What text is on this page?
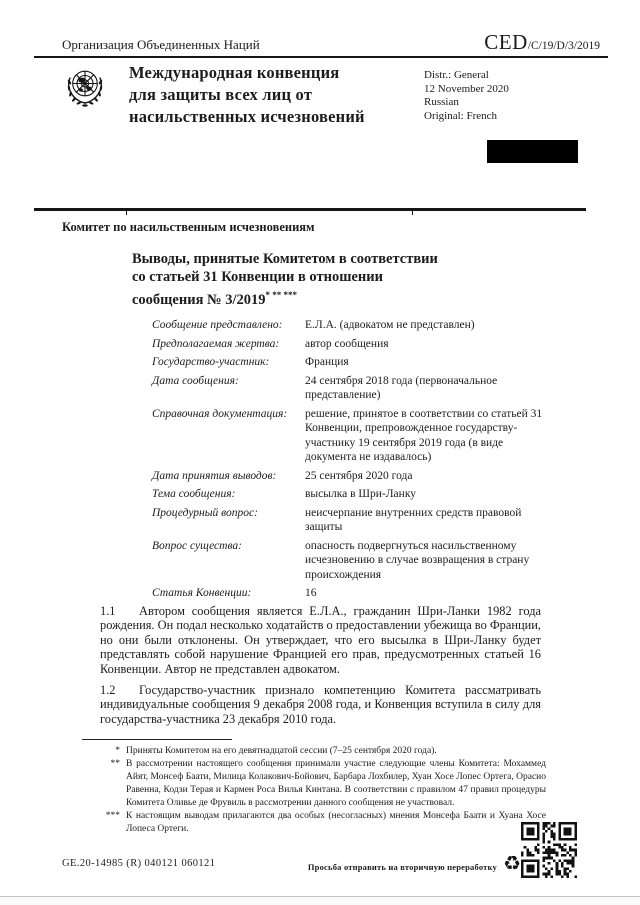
Организация Объединенных Наций	CED /C/19/D/3/2019
Международная конвенция
для защиты всех лиц от
насильственных исчезновений
Distr.: General
12 November 2020
Russian
Original: French
Комитет по насильственным исчезновениям
Выводы, принятые Комитетом в соответствии
со статьей 31 Конвенции в отношении
сообщения № 3/2019* ** ***
Сообщение представлено:	Е.Л.А. (адвокатом не представлен)
Предполагаемая жертва:	автор сообщения
Государство-участник:	Франция
Дата сообщения:	24 сентября 2018 года (первоначальное представление)
Справочная документация:	решение, принятое в соответствии со статьей 31 Конвенции, препровожденное государству-участнику 19 сентября 2019 года (в виде документа не издавалось)
Дата принятия выводов:	25 сентября 2020 года
Тема сообщения:	высылка в Шри-Ланку
Процедурный вопрос:	неисчерпание внутренних средств правовой защиты
Вопрос существа:	опасность подвергнуться насильственному исчезновению в случае возвращения в страну происхождения
Статья Конвенции:	16

1.1 Автором сообщения является Е.Л.А., гражданин Шри-Ланки 1982 года рождения. Он подал несколько ходатайств о предоставлении убежища во Франции, но они были отклонены. Он утверждает, что его высылка в Шри-Ланку будет представлять собой нарушение Францией его прав, предусмотренных статьей 16 Конвенции. Автор не представлен адвокатом.

1.2 Государство-участник признало компетенцию Комитета рассматривать индивидуальные сообщения 9 декабря 2008 года, и Конвенция вступила в силу для государства-участника 23 декабря 2010 года.

* Приняты Комитетом на его девятнадцатой сессии (7–25 сентября 2020 года).
** В рассмотрении настоящего сообщения принимали участие следующие члены Комитета: Мохаммед Айят, Монсеф Баати, Милица Колакович-Бойович, Барбара Лохбилер, Хуан Хосе Лопес Ортега, Орасио Равенна, Кодзи Терая и Кармен Роса Вилья Кинтана. В соответствии с правилом 47 правил процедуры Комитета Оливье де Фрувиль в рассмотрении данного сообщения не участвовал.
*** К настоящим выводам прилагаются два особых (несогласных) мнения Монсефа Баати и Хуана Хосе Лопеса Ортеги.
GE.20-14985 (R) 040121 060121	Просьба отправить на вторичную переработку ♻
